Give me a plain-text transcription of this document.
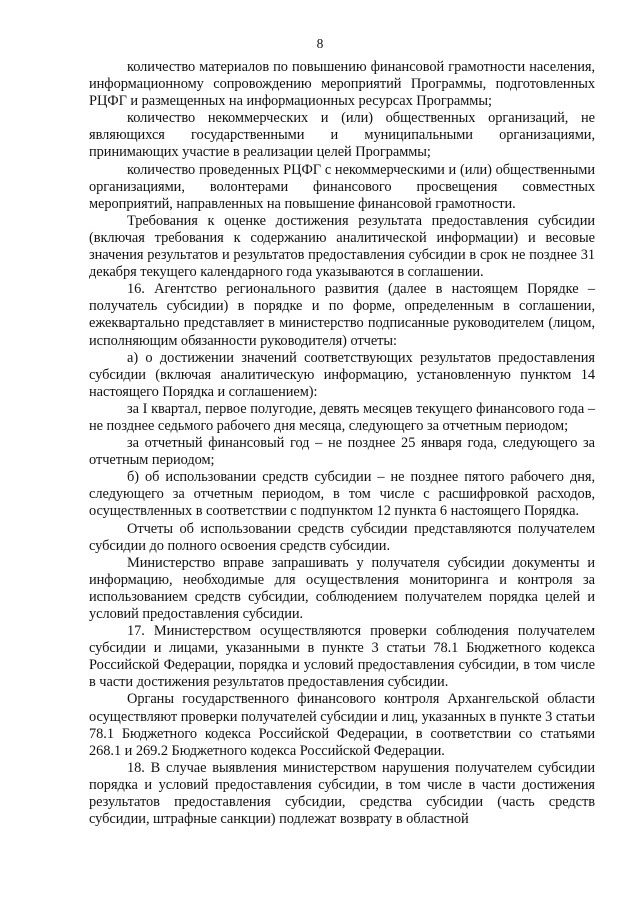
8

количество материалов по повышению финансовой грамотности населения, информационному сопровождению мероприятий Программы, подготовленных РЦФГ и размещенных на информационных ресурсах Программы;

количество некоммерческих и (или) общественных организаций, не являющихся государственными и муниципальными организациями, принимающих участие в реализации целей Программы;

количество проведенных РЦФГ с некоммерческими и (или) общественными организациями, волонтерами финансового просвещения совместных мероприятий, направленных на повышение финансовой грамотности.

Требования к оценке достижения результата предоставления субсидии (включая требования к содержанию аналитической информации) и весовые значения результатов и результатов предоставления субсидии в срок не позднее 31 декабря текущего календарного года указываются в соглашении.

16. Агентство регионального развития (далее в настоящем Порядке – получатель субсидии) в порядке и по форме, определенным в соглашении, ежеквартально представляет в министерство подписанные руководителем (лицом, исполняющим обязанности руководителя) отчеты:

а) о достижении значений соответствующих результатов предоставления субсидии (включая аналитическую информацию, установленную пунктом 14 настоящего Порядка и соглашением):

за I квартал, первое полугодие, девять месяцев текущего финансового года – не позднее седьмого рабочего дня месяца, следующего за отчетным периодом;

за отчетный финансовый год – не позднее 25 января года, следующего за отчетным периодом;

б) об использовании средств субсидии – не позднее пятого рабочего дня, следующего за отчетным периодом, в том числе с расшифровкой расходов, осуществленных в соответствии с подпунктом 12 пункта 6 настоящего Порядка.

Отчеты об использовании средств субсидии представляются получателем субсидии до полного освоения средств субсидии.

Министерство вправе запрашивать у получателя субсидии документы и информацию, необходимые для осуществления мониторинга и контроля за использованием средств субсидии, соблюдением получателем порядка целей и условий предоставления субсидии.

17. Министерством осуществляются проверки соблюдения получателем субсидии и лицами, указанными в пункте 3 статьи 78.1 Бюджетного кодекса Российской Федерации, порядка и условий предоставления субсидии, в том числе в части достижения результатов предоставления субсидии.

Органы государственного финансового контроля Архангельской области осуществляют проверки получателей субсидии и лиц, указанных в пункте 3 статьи 78.1 Бюджетного кодекса Российской Федерации, в соответствии со статьями 268.1 и 269.2 Бюджетного кодекса Российской Федерации.

18. В случае выявления министерством нарушения получателем субсидии порядка и условий предоставления субсидии, в том числе в части достижения результатов предоставления субсидии, средства субсидии (часть средств субсидии, штрафные санкции) подлежат возврату в областной
